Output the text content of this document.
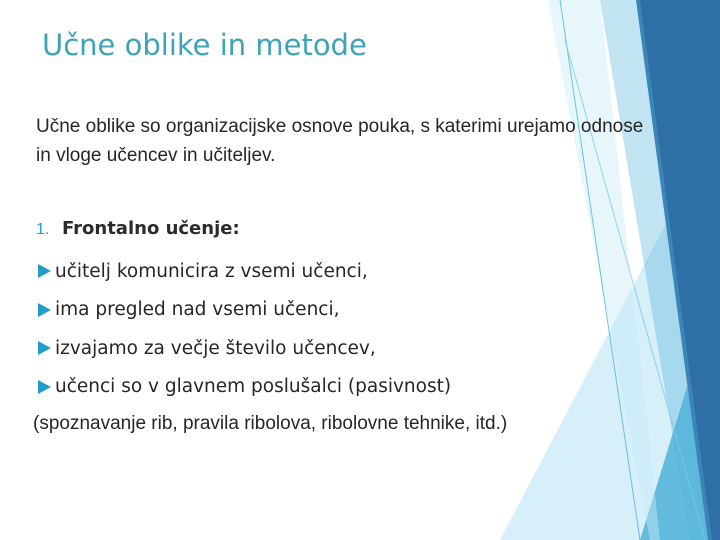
Učne oblike in metode
Učne oblike so organizacijske osnove pouka, s katerimi urejamo odnose in vloge učencev in učiteljev.
1. Frontalno učenje:
učitelj komunicira z vsemi učenci,
ima pregled nad vsemi učenci,
izvajamo za večje število učencev,
učenci so v glavnem poslušalci (pasivnost)
(spoznavanje rib, pravila ribolova, ribolovne tehnike, itd.)
